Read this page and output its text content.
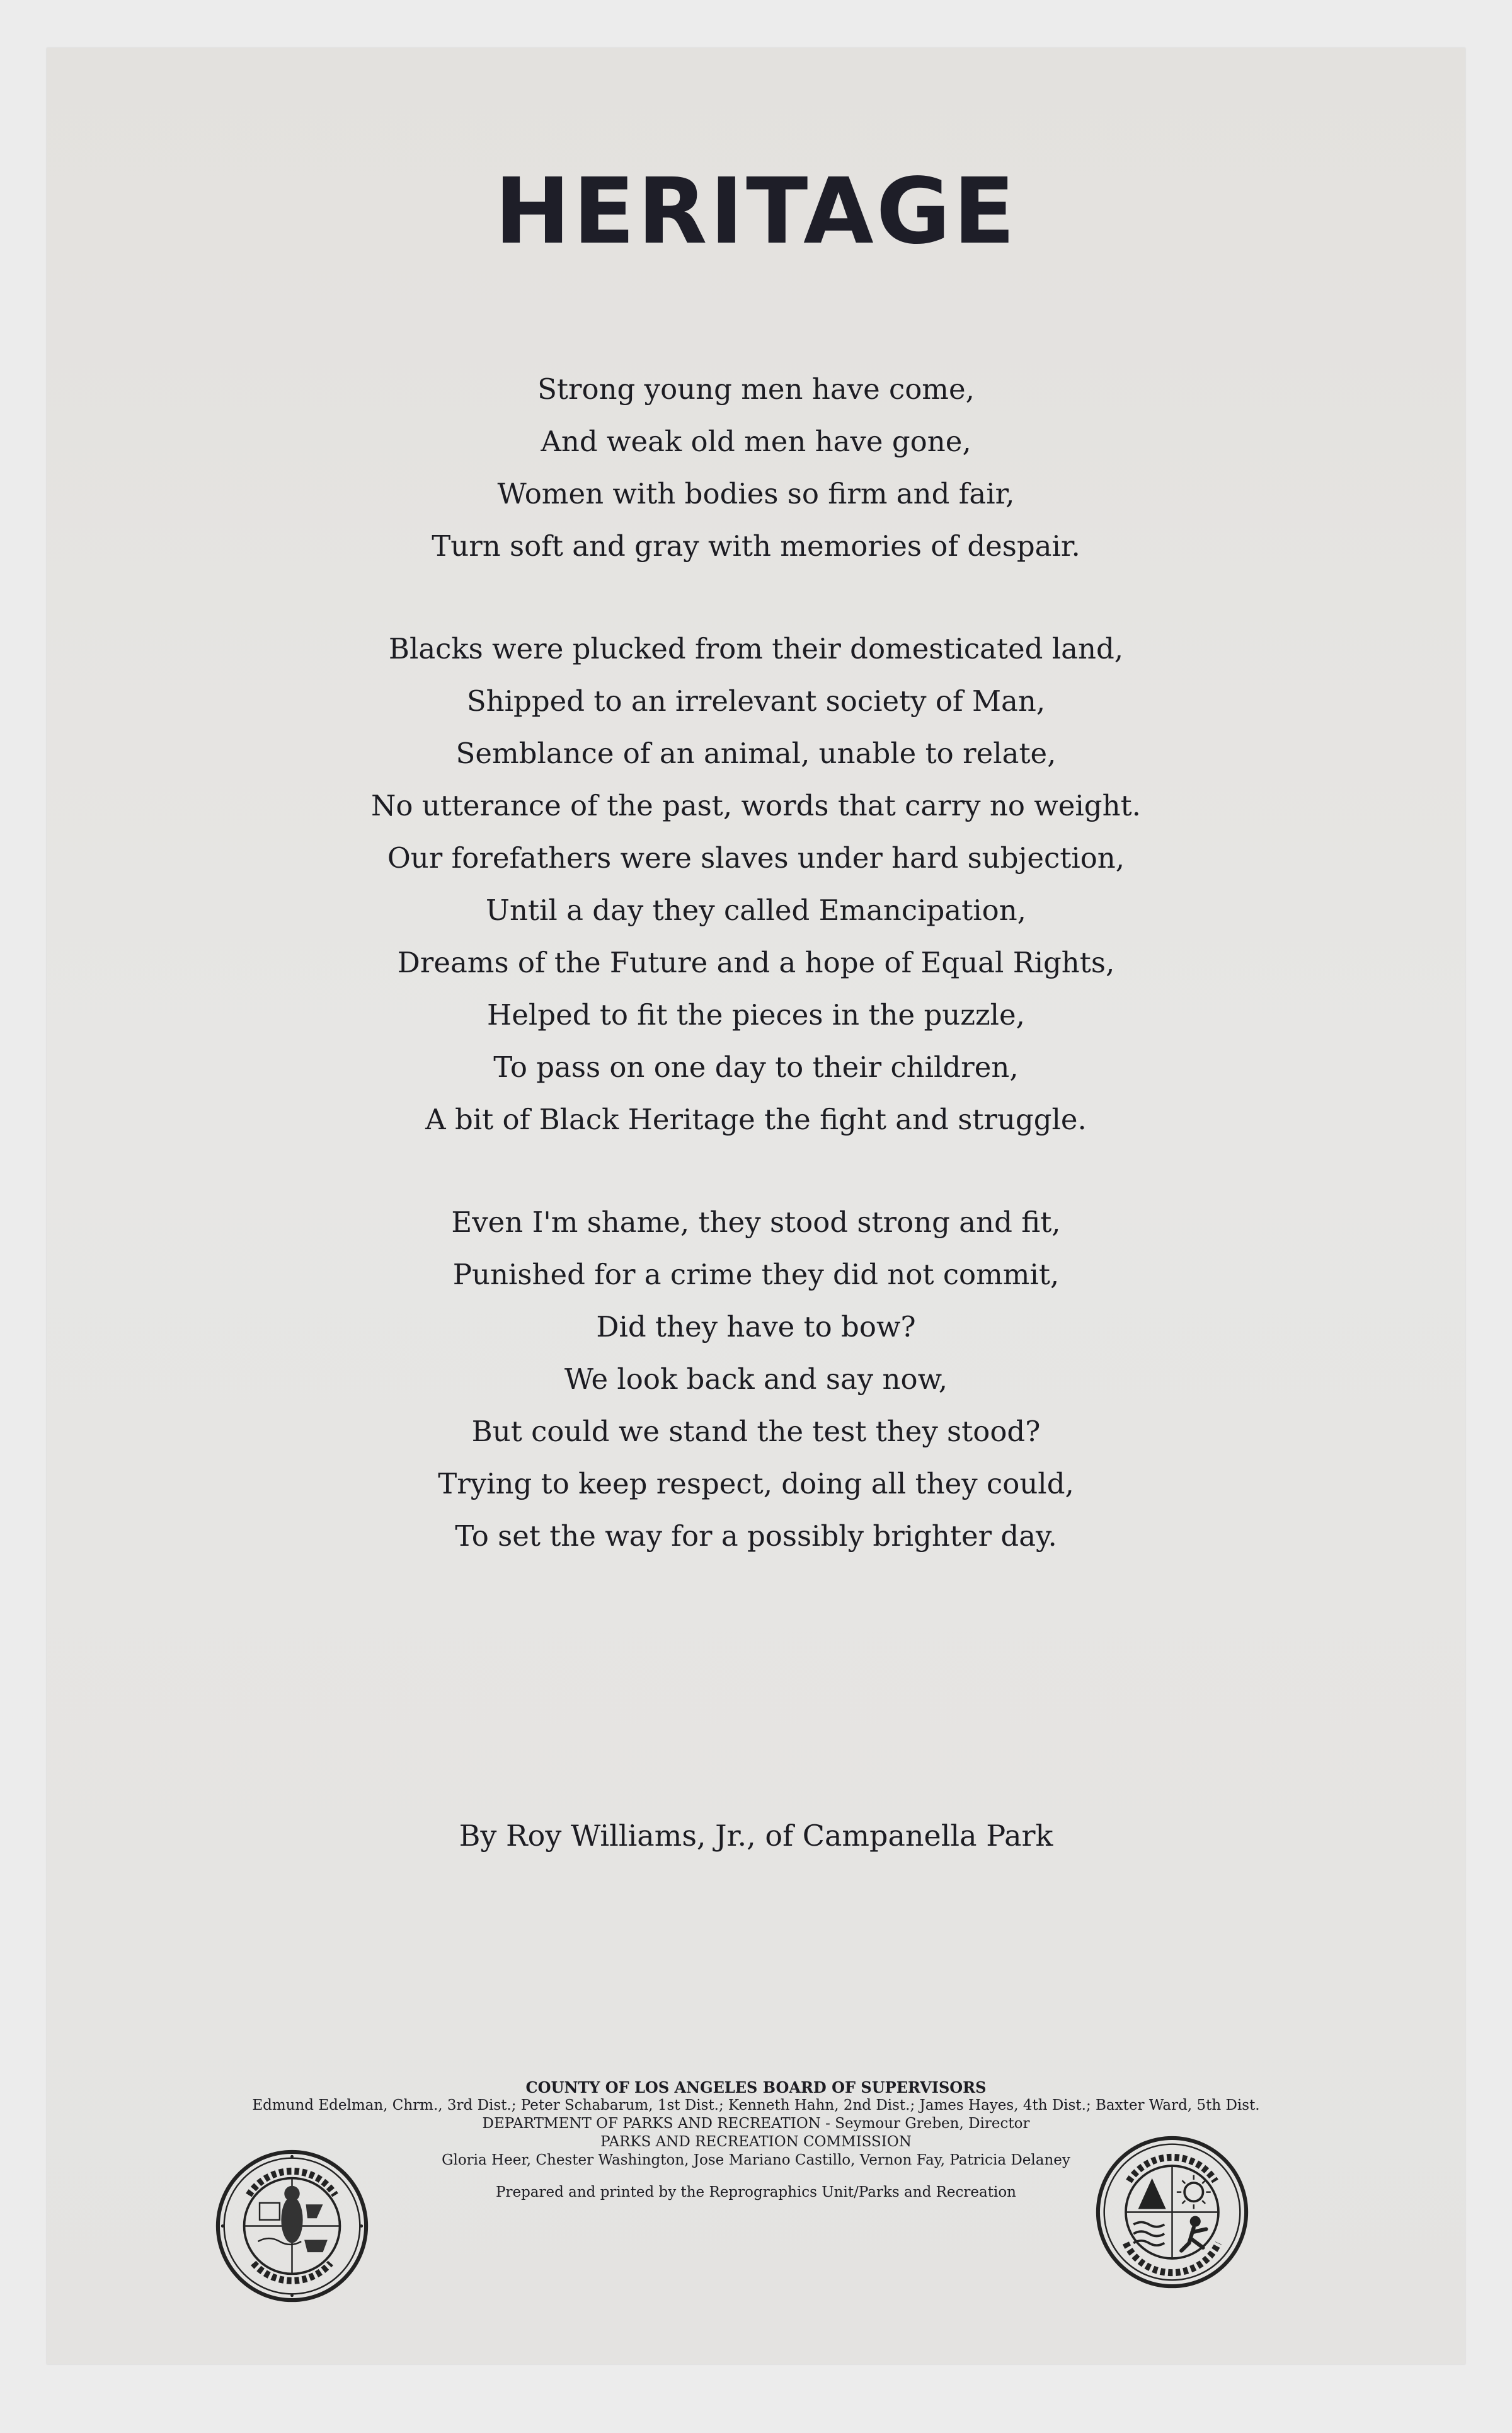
HERITAGE
Strong young men have come,
And weak old men have gone,
Women with bodies so firm and fair,
Turn soft and gray with memories of despair.
Blacks were plucked from their domesticated land,
Shipped to an irrelevant society of Man,
Semblance of an animal, unable to relate,
No utterance of the past, words that carry no weight.
Our forefathers were slaves under hard subjection,
Until a day they called Emancipation,
Dreams of the Future and a hope of Equal Rights,
Helped to fit the pieces in the puzzle,
To pass on one day to their children,
A bit of Black Heritage the fight and struggle.
Even I'm shame, they stood strong and fit,
Punished for a crime they did not commit,
Did they have to bow?
We look back and say now,
But could we stand the test they stood?
Trying to keep respect, doing all they could,
To set the way for a possibly brighter day.
By Roy Williams, Jr., of Campanella Park
COUNTY OF LOS ANGELES BOARD OF SUPERVISORS
Edmund Edelman, Chrm., 3rd Dist.; Peter Schabarum, 1st Dist.; Kenneth Hahn, 2nd Dist.; James Hayes, 4th Dist.; Baxter Ward, 5th Dist.
DEPARTMENT OF PARKS AND RECREATION - Seymour Greben, Director
PARKS AND RECREATION COMMISSION
Gloria Heer, Chester Washington, Jose Mariano Castillo, Vernon Fay, Patricia Delaney
Prepared and printed by the Reprographics Unit/Parks and Recreation
